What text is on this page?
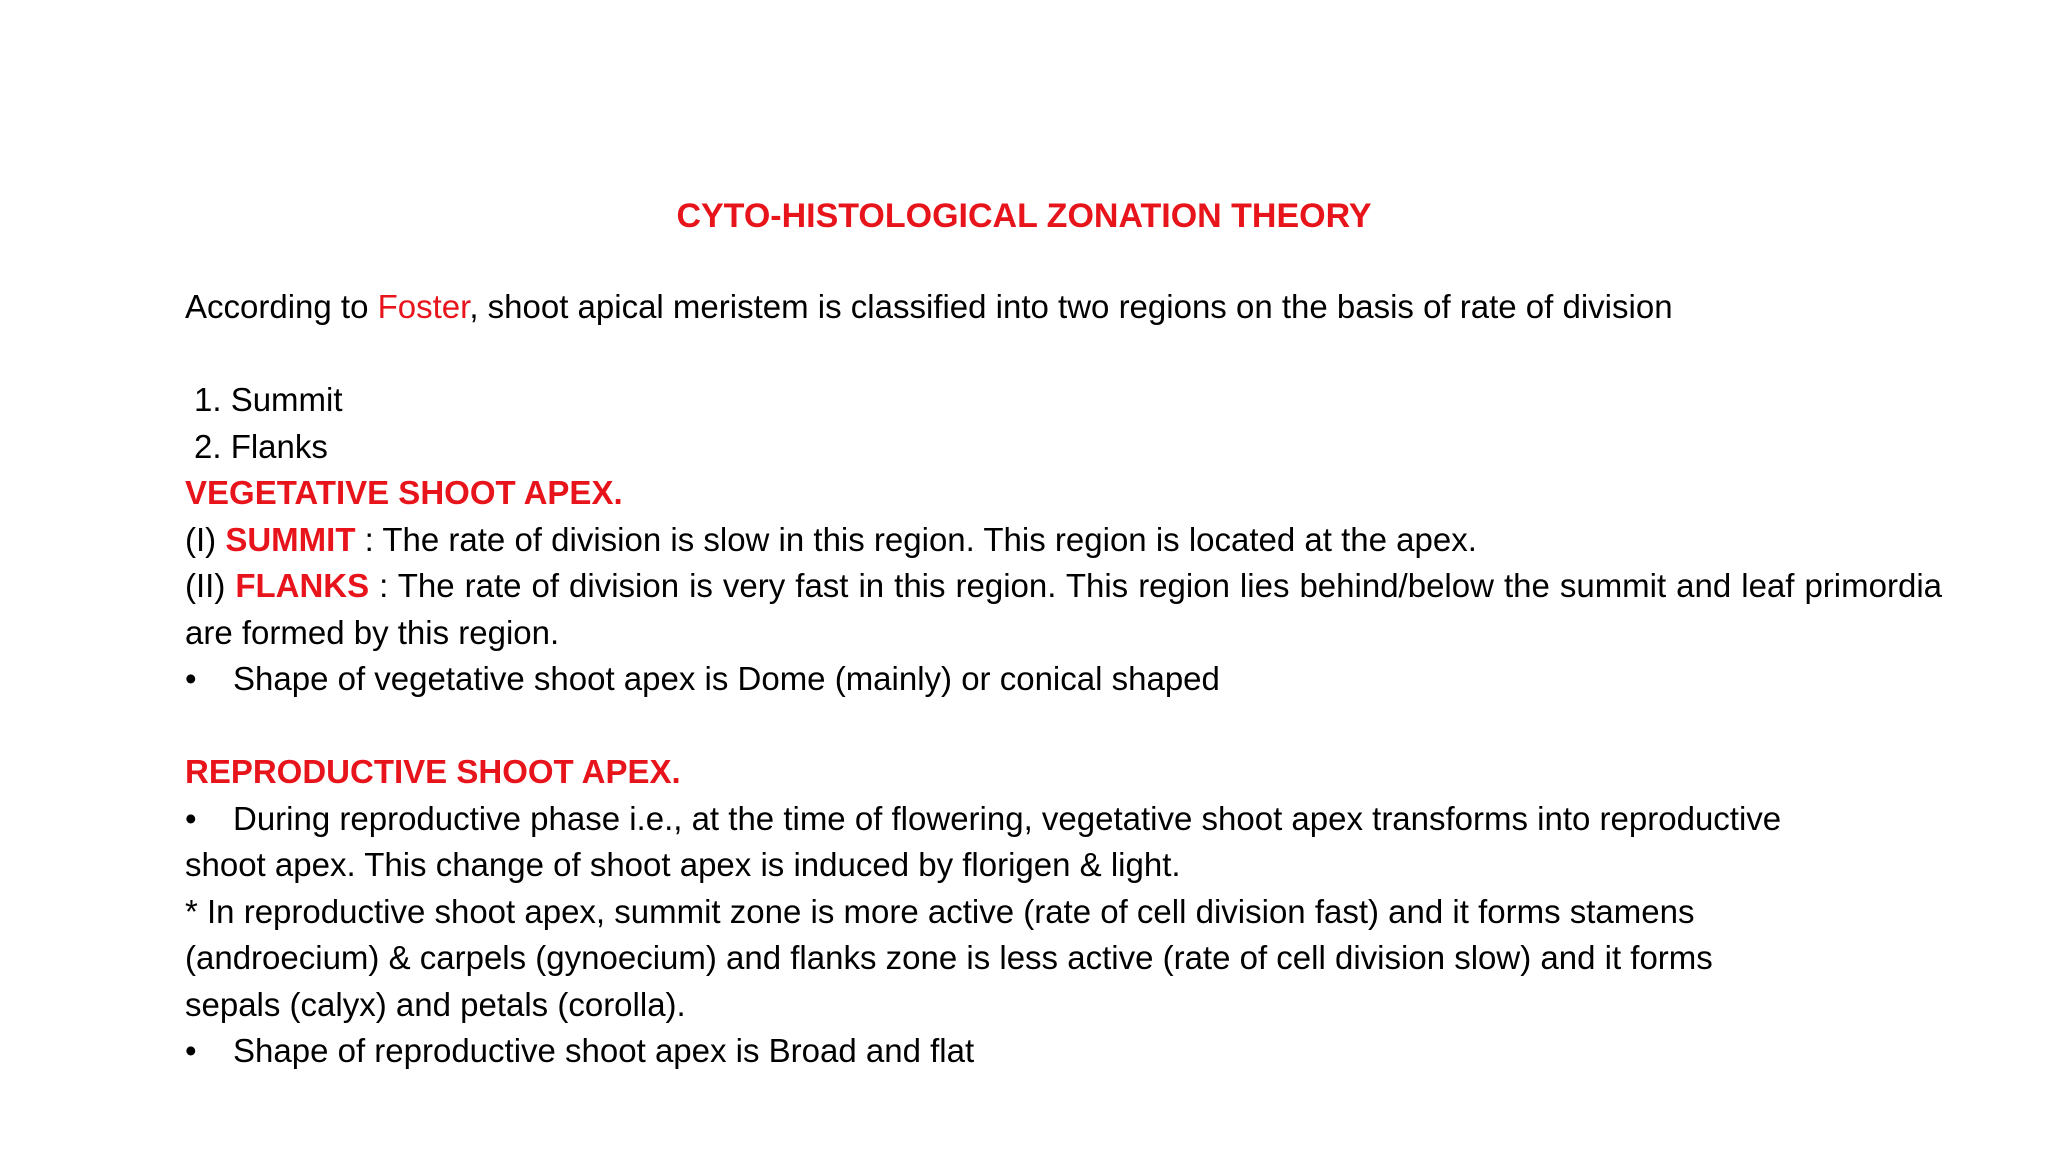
CYTO-HISTOLOGICAL ZONATION THEORY
According to Foster, shoot apical meristem is classified into two regions on the basis of rate of division
1. Summit
2. Flanks
VEGETATIVE SHOOT APEX.
(I) SUMMIT : The rate of division is slow in this region. This region is located at the apex.
(II) FLANKS : The rate of division is very fast in this region. This region lies behind/below the summit and leaf primordia are formed by this region.
• Shape of vegetative shoot apex is Dome (mainly) or conical shaped
REPRODUCTIVE SHOOT APEX.
• During reproductive phase i.e., at the time of flowering, vegetative shoot apex transforms into reproductive
shoot apex. This change of shoot apex is induced by florigen & light.
* In reproductive shoot apex, summit zone is more active (rate of cell division fast) and it forms stamens
(androecium) & carpels (gynoecium) and flanks zone is less active (rate of cell division slow) and it forms
sepals (calyx) and petals (corolla).
• Shape of reproductive shoot apex is Broad and flat
